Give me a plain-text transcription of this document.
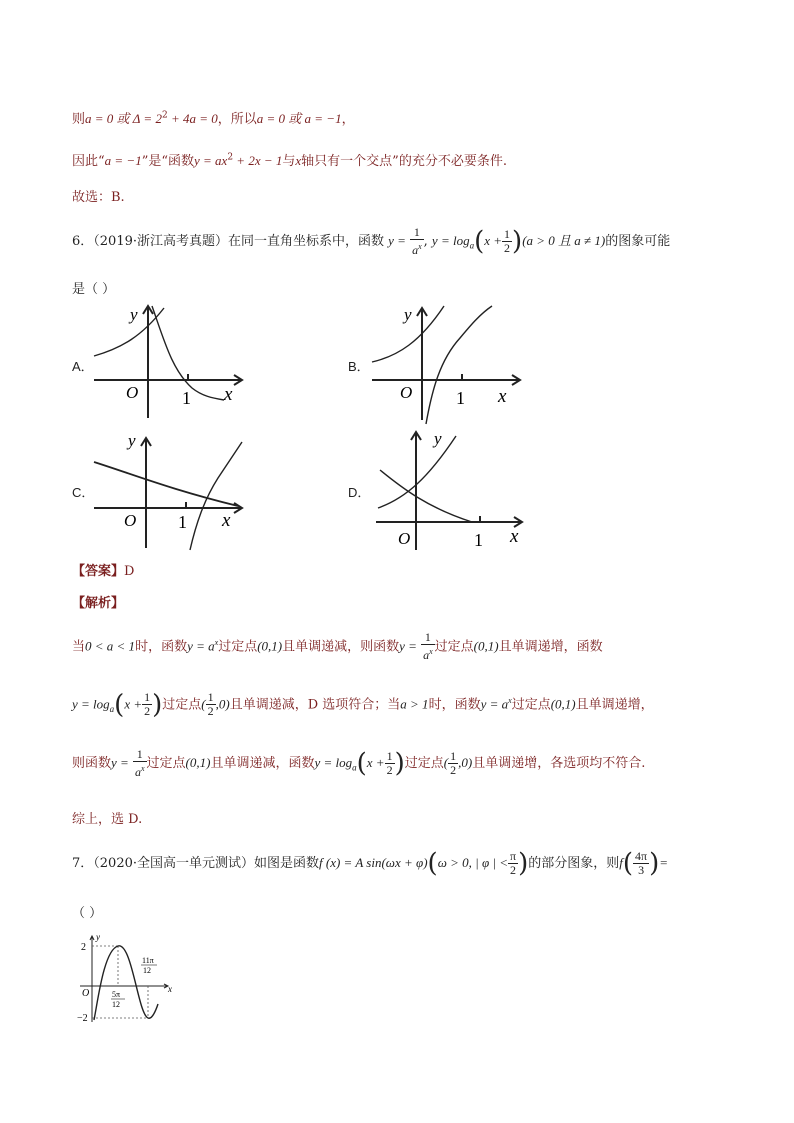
则a = 0 或 $\Delta = 2^2 + 4a = 0$，所以a = 0 或 a = −1，
因此“a = −1”是“函数$y = ax^2 + 2x - 1$与x轴只有一个交点”的充分不必要条件.
故选：B.
6．（2019·浙江高考真题）在同一直角坐标系中，函数 $y = \frac{1}{a^x}$ , $y = \log_a(x + \frac{1}{2} )(a > 0$ 且 a ≠ 1)的图象可能
是（ ）
A．	B．
C．	D．
y
O 1 x
y
O 1 x
y
O 1 x
y
O	1 x
【答案】D
【解析】
当0 < a < 1时，函数$y = a^x$过定点(0,1)且单调递减，则函数$y = \frac{1}{a^x}$ 过定点(0,1)且单调递增，函数
$y = \log_a(x + \frac{1}{2}$ )过定点( $\frac{1}{2} ,0$)且单调递减，D 选项符合；当a > 1时，函数$y = a^x$过定点(0,1)且单调递增，
则函数$y = \frac{1}{a^x}$ 过定点(0,1)且单调递减，函数$y = \log_a(x + \frac{1}{2}$ )过定点( $\frac{1}{2} ,0$)且单调递增，各选项均不符合.
综上，选 D.
7．（2020·全国高一单元测试）如图是函数f (x) = A sin(ωx + φ)(ω > 0, | φ | < $\frac{\pi}{2}$ )的部分图象，则$f( \frac{4\pi}{3}$ )=
（ ）
2
−2
O	x
y
5π
12
11π
12
